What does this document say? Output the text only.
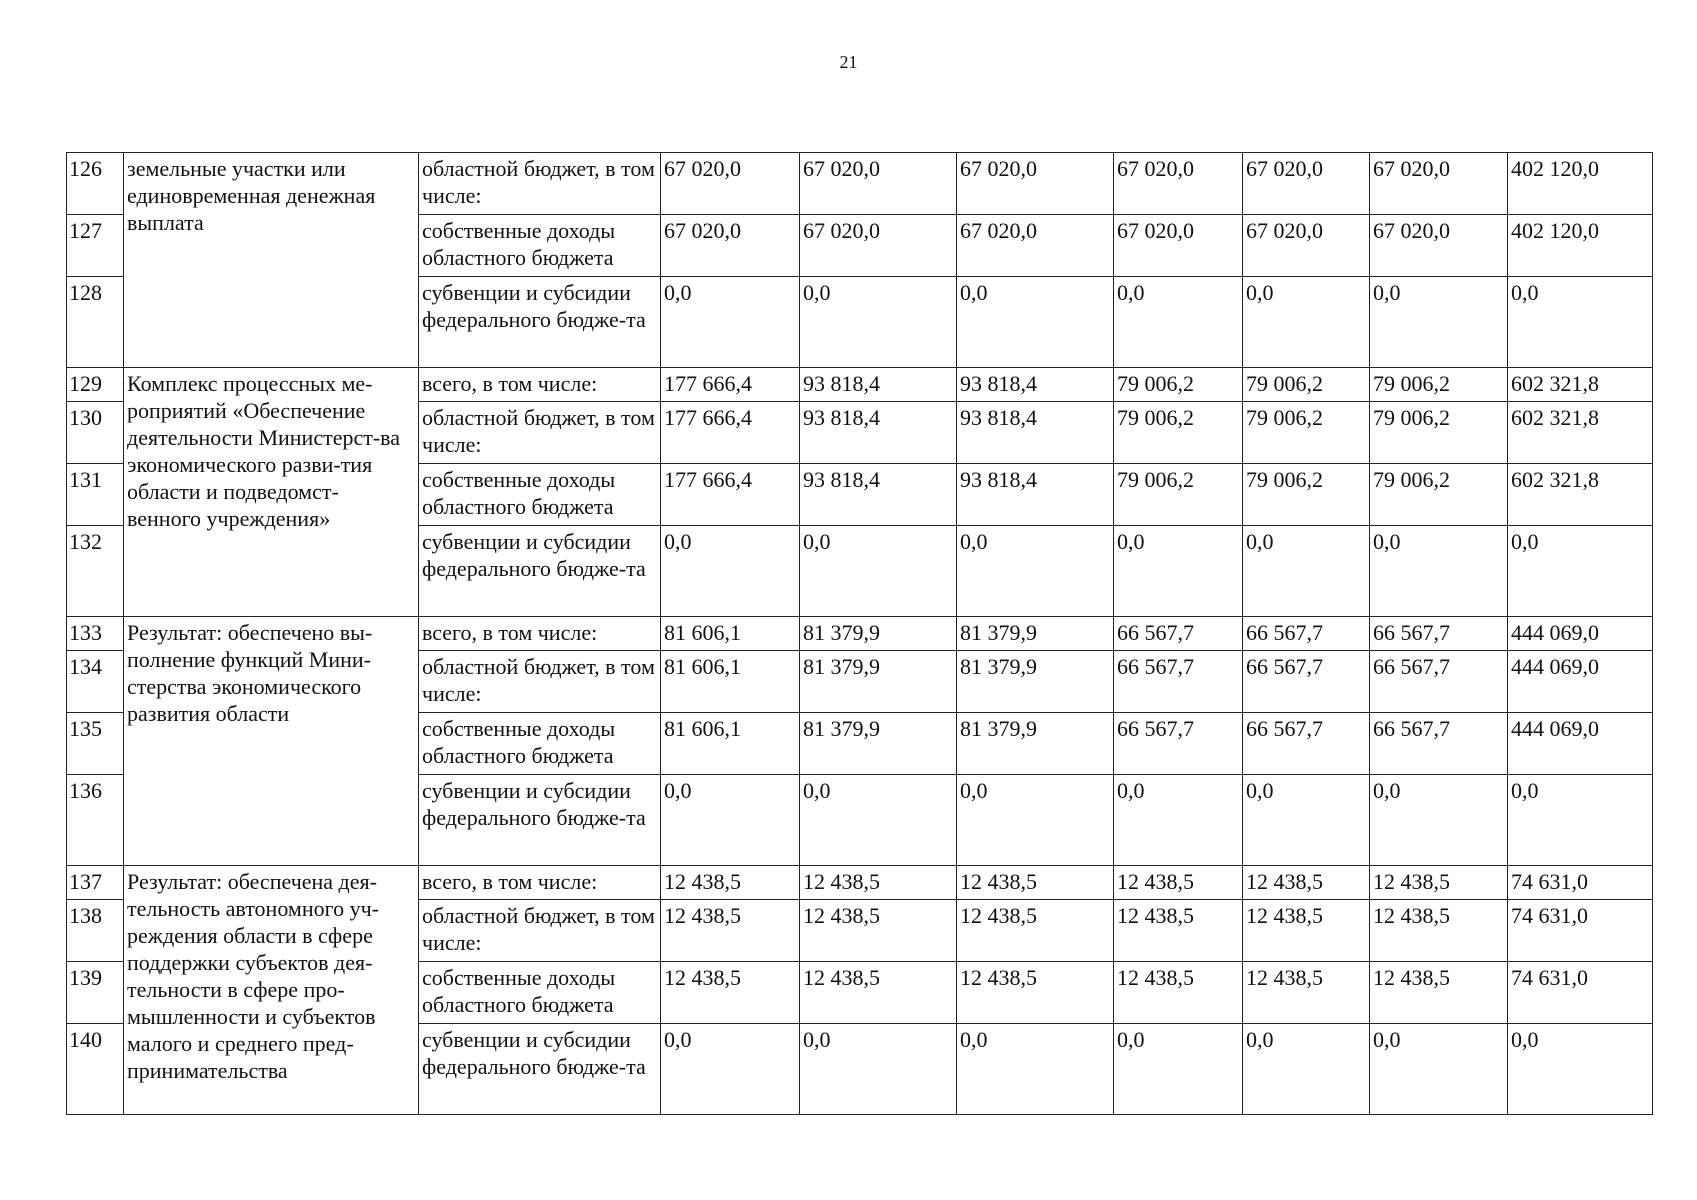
21
126	земельные участки или единовременная денежная выплата	областной бюджет, в том числе:	67 020,0	67 020,0	67 020,0	67 020,0	67 020,0	67 020,0	402 120,0
127		собственные доходы областного бюджета	67 020,0	67 020,0	67 020,0	67 020,0	67 020,0	67 020,0	402 120,0
128		субвенции и субсидии федерального бюдже-та	0,0	0,0	0,0	0,0	0,0	0,0	0,0
129	Комплекс процессных ме-роприятий «Обеспечение деятельности Министерст-ва экономического разви-тия области и подведомст-венного учреждения»	всего, в том числе:	177 666,4	93 818,4	93 818,4	79 006,2	79 006,2	79 006,2	602 321,8
130		областной бюджет, в том числе:	177 666,4	93 818,4	93 818,4	79 006,2	79 006,2	79 006,2	602 321,8
131		собственные доходы областного бюджета	177 666,4	93 818,4	93 818,4	79 006,2	79 006,2	79 006,2	602 321,8
132		субвенции и субсидии федерального бюдже-та	0,0	0,0	0,0	0,0	0,0	0,0	0,0
133	Результат: обеспечено вы-полнение функций Мини-стерства экономического развития области	всего, в том числе:	81 606,1	81 379,9	81 379,9	66 567,7	66 567,7	66 567,7	444 069,0
134		областной бюджет, в том числе:	81 606,1	81 379,9	81 379,9	66 567,7	66 567,7	66 567,7	444 069,0
135		собственные доходы областного бюджета	81 606,1	81 379,9	81 379,9	66 567,7	66 567,7	66 567,7	444 069,0
136		субвенции и субсидии федерального бюдже-та	0,0	0,0	0,0	0,0	0,0	0,0	0,0
137	Результат: обеспечена дея-тельность автономного уч-реждения области в сфере поддержки субъектов дея-тельности в сфере про-мышленности и субъектов малого и среднего пред-принимательства	всего, в том числе:	12 438,5	12 438,5	12 438,5	12 438,5	12 438,5	12 438,5	74 631,0
138		областной бюджет, в том числе:	12 438,5	12 438,5	12 438,5	12 438,5	12 438,5	12 438,5	74 631,0
139		собственные доходы областного бюджета	12 438,5	12 438,5	12 438,5	12 438,5	12 438,5	12 438,5	74 631,0
140		субвенции и субсидии федерального бюдже-та	0,0	0,0	0,0	0,0	0,0	0,0	0,0
